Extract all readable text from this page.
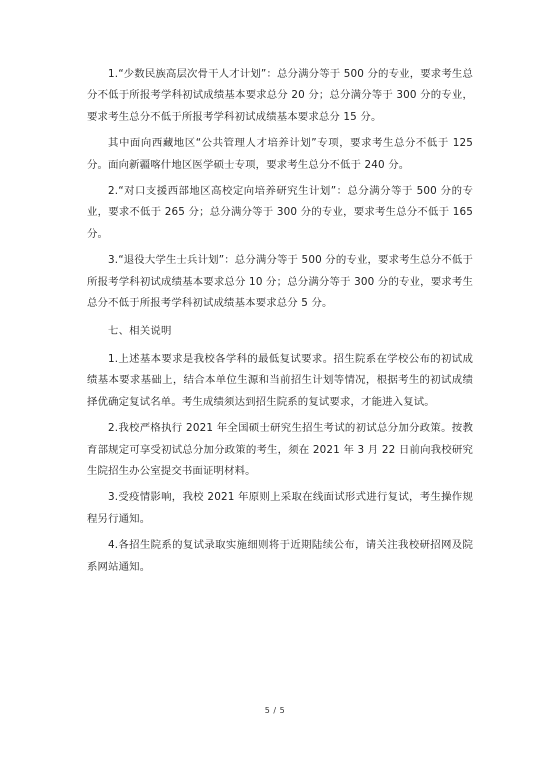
1.“少数民族高层次骨干人才计划”：总分满分等于 500 分的专业，要求考生总分不低于所报考学科初试成绩基本要求总分 20 分；总分满分等于 300 分的专业，要求考生总分不低于所报考学科初试成绩基本要求总分 15 分。

其中面向西藏地区“公共管理人才培养计划”专项，要求考生总分不低于 125 分。面向新疆喀什地区医学硕士专项，要求考生总分不低于 240 分。

2.“对口支援西部地区高校定向培养研究生计划”：总分满分等于 500 分的专业，要求不低于 265 分；总分满分等于 300 分的专业，要求考生总分不低于 165 分。

3.“退役大学生士兵计划”：总分满分等于 500 分的专业，要求考生总分不低于所报考学科初试成绩基本要求总分 10 分；总分满分等于 300 分的专业，要求考生总分不低于所报考学科初试成绩基本要求总分 5 分。

七、相关说明

1.上述基本要求是我校各学科的最低复试要求。招生院系在学校公布的初试成绩基本要求基础上，结合本单位生源和当前招生计划等情况，根据考生的初试成绩择优确定复试名单。考生成绩须达到招生院系的复试要求，才能进入复试。

2.我校严格执行 2021 年全国硕士研究生招生考试的初试总分加分政策。按教育部规定可享受初试总分加分政策的考生，须在 2021 年 3 月 22 日前向我校研究生院招生办公室提交书面证明材料。

3.受疫情影响，我校 2021 年原则上采取在线面试形式进行复试，考生操作规程另行通知。

4.各招生院系的复试录取实施细则将于近期陆续公布，请关注我校研招网及院系网站通知。

5 / 5
